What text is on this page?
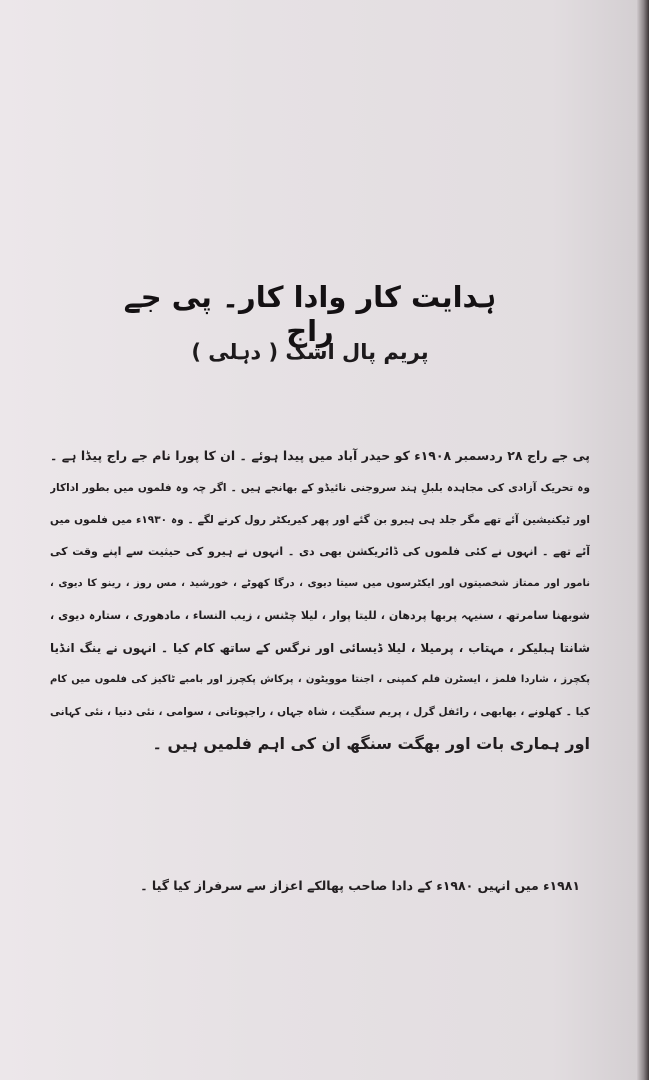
ہدایت کار وادا کار۔ پی جے راج
پریم پال اشک ( دہلی )
پی جے راج ۲۸ ردسمبر ۱۹۰۸ء کو حیدر آباد میں پیدا ہوئے ۔ ان کا پورا نام جے راج پیڈا ہے ۔
وہ تحریک آزادی کی مجاہدہ بلبلِ ہند سروجنی نائیڈو کے بھانجے ہیں ۔ اگر چہ وہ فلموں میں بطور اداکار
اور ٹیکنیشین آئے تھے مگر جلد ہی ہیرو بن گئے اور پھر کیریکٹر رول کرنے لگے ۔ وہ ۱۹۳۰ء میں فلموں میں
آئے تھے ۔ انہوں نے کئی فلموں کی ڈائریکشن بھی دی ۔ انہوں نے ہیرو کی حیثیت سے اپنے وقت کی
نامور اور ممتاز شخصیتوں اور ایکٹرسوں میں سیتا دیوی ، درگا کھوٹے ، خورشید ، مس روز ، رینو کا دیوی ،
شوبھنا سامرتھ ، سنیہہ پربھا پردھان ، للیتا پوار ، لیلا چٹنس ، زیب النساء ، مادھوری ، ستارہ دیوی ،
شانتا ہبلیکر ، مہتاب ، پرمیلا ، لیلا ڈیسائی اور نرگس کے ساتھ کام کیا ۔ انہوں نے ینگ انڈیا
پکچرز ، شاردا فلمز ، ایسٹرن فلم کمپنی ، اجنتا موویٹون ، پرکاش پکچرز اور بامبے ٹاکیز کی فلموں میں کام
کیا ۔ کھلونے ، بھابھی ، رائفل گرل ، پریم سنگیت ، شاہ جہاں ، راجپوتانی ، سوامی ، نئی دنیا ، نئی کہانی
اور ہماری بات اور بھگت سنگھ ان کی اہم فلمیں ہیں ۔
۱۹۸۱ء میں انہیں ۱۹۸۰ء کے دادا صاحب پھالکے اعزاز سے سرفراز کیا گیا ۔
